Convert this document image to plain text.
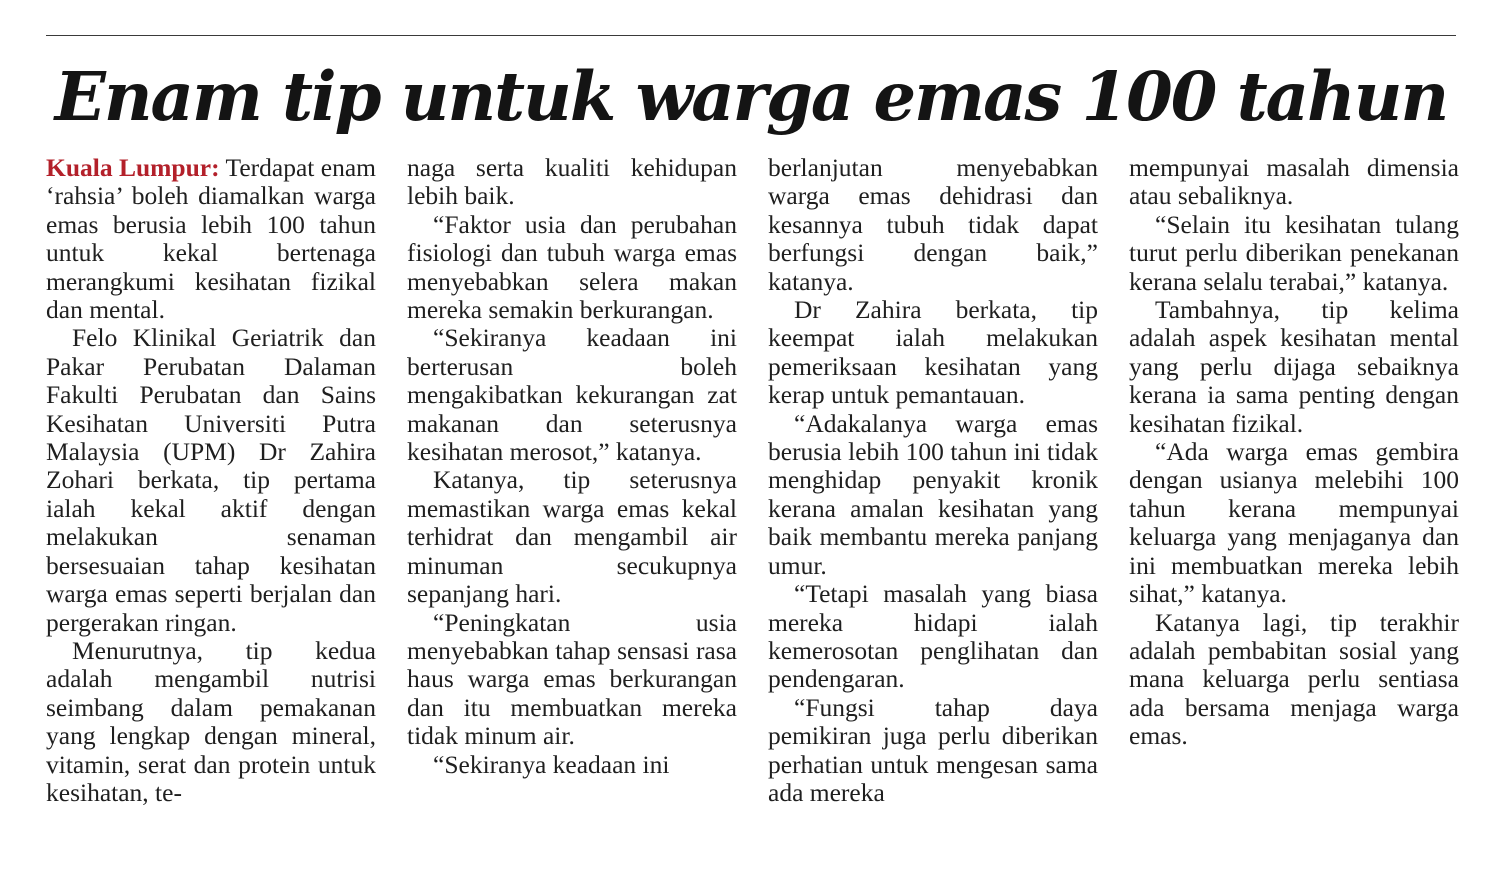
Enam tip untuk warga emas 100 tahun

Kuala Lumpur: Terdapat enam ‘rahsia’ boleh diamalkan warga emas berusia lebih 100 tahun untuk kekal bertenaga merangkumi kesihatan fizikal dan mental.

Felo Klinikal Geriatrik dan Pakar Perubatan Dalaman Fakulti Perubatan dan Sains Kesihatan Universiti Putra Malaysia (UPM) Dr Zahira Zohari berkata, tip pertama ialah kekal aktif dengan melakukan senaman bersesuaian tahap kesihatan warga emas seperti berjalan dan pergerakan ringan.

Menurutnya, tip kedua adalah mengambil nutrisi seimbang dalam pemakanan yang lengkap dengan mineral, vitamin, serat dan protein untuk kesihatan, te-

naga serta kualiti kehidupan lebih baik.

“Faktor usia dan perubahan fisiologi dan tubuh warga emas menyebabkan selera makan mereka semakin berkurangan.

“Sekiranya keadaan ini berterusan boleh mengakibatkan kekurangan zat makanan dan seterusnya kesihatan merosot,” katanya.

Katanya, tip seterusnya memastikan warga emas kekal terhidrat dan mengambil air minuman secukupnya sepanjang hari.

“Peningkatan usia menyebabkan tahap sensasi rasa haus warga emas berkurangan dan itu membuatkan mereka tidak minum air.

“Sekiranya keadaan ini

berlanjutan menyebabkan warga emas dehidrasi dan kesannya tubuh tidak dapat berfungsi dengan baik,” katanya.

Dr Zahira berkata, tip keempat ialah melakukan pemeriksaan kesihatan yang kerap untuk pemantauan.

“Adakalanya warga emas berusia lebih 100 tahun ini tidak menghidap penyakit kronik kerana amalan kesihatan yang baik membantu mereka panjang umur.

“Tetapi masalah yang biasa mereka hidapi ialah kemerosotan penglihatan dan pendengaran.

“Fungsi tahap daya pemikiran juga perlu diberikan perhatian untuk mengesan sama ada mereka

mempunyai masalah dimensia atau sebaliknya.

“Selain itu kesihatan tulang turut perlu diberikan penekanan kerana selalu terabai,” katanya.

Tambahnya, tip kelima adalah aspek kesihatan mental yang perlu dijaga sebaiknya kerana ia sama penting dengan kesihatan fizikal.

“Ada warga emas gembira dengan usianya melebihi 100 tahun kerana mempunyai keluarga yang menjaganya dan ini membuatkan mereka lebih sihat,” katanya.

Katanya lagi, tip terakhir adalah pembabitan sosial yang mana keluarga perlu sentiasa ada bersama menjaga warga emas.
